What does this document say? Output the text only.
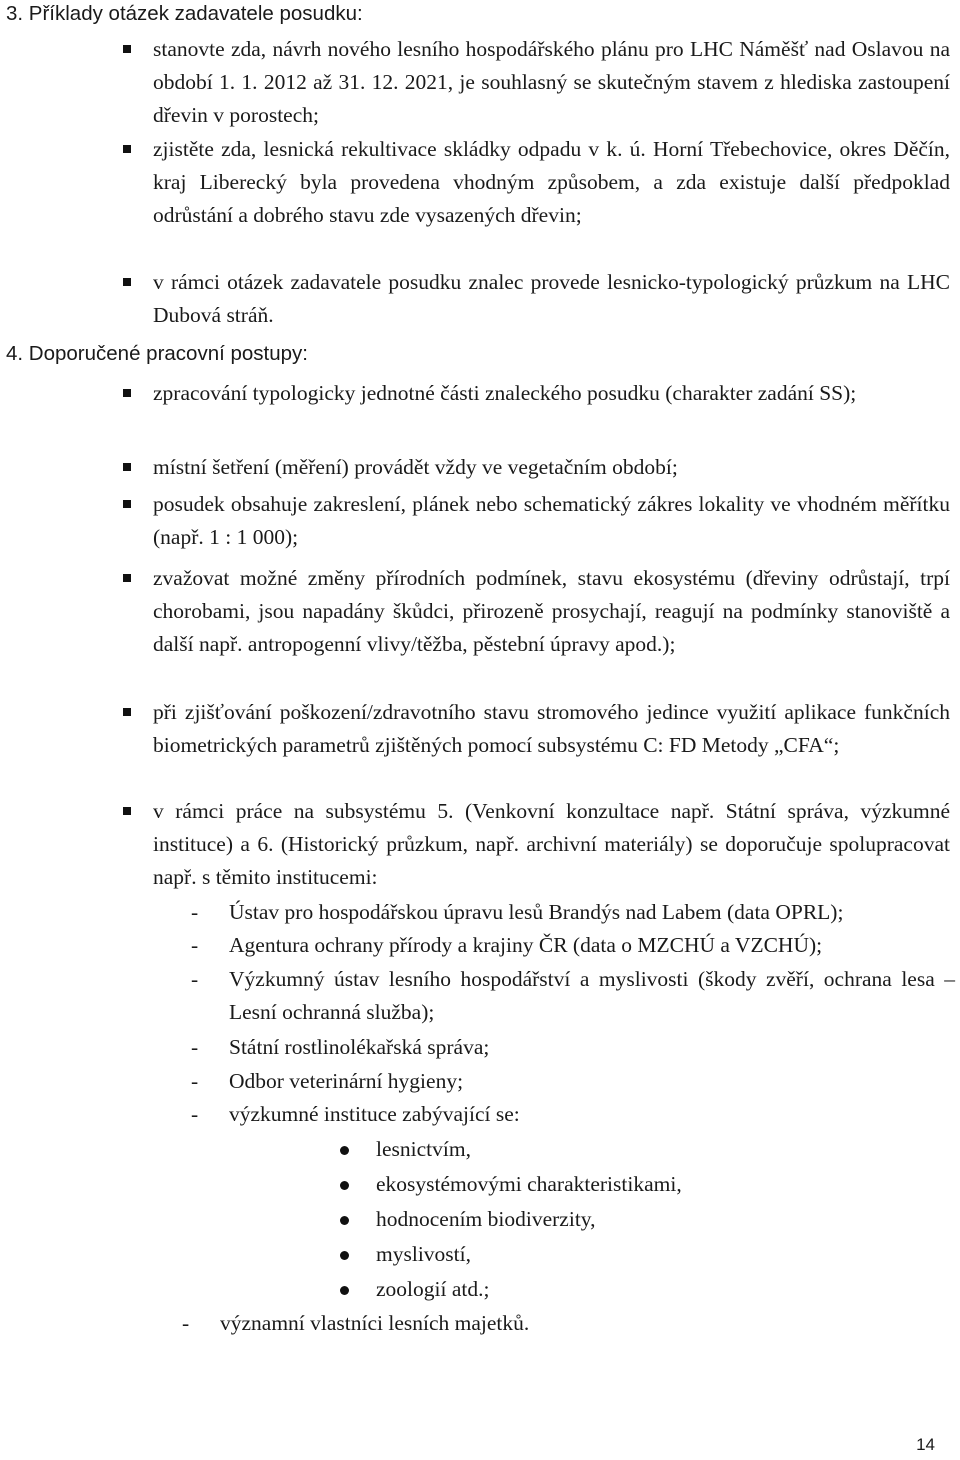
3. Příklady otázek zadavatele posudku:
stanovte zda, návrh nového lesního hospodářského plánu pro LHC Náměšť nad Oslavou na období 1. 1. 2012 až 31. 12. 2021, je souhlasný se skutečným stavem z hlediska zastoupení dřevin v porostech;
zjistěte zda, lesnická rekultivace skládky odpadu v k. ú. Horní Třebechovice, okres Děčín, kraj Liberecký byla provedena vhodným způsobem, a zda existuje další předpoklad odrůstání a dobrého stavu zde vysazených dřevin;
v rámci otázek zadavatele posudku znalec provede lesnicko-typologický průzkum na LHC Dubová stráň.
4. Doporučené pracovní postupy:
zpracování typologicky jednotné části znaleckého posudku (charakter zadání SS);
místní šetření (měření) provádět vždy ve vegetačním období;
posudek obsahuje zakreslení, plánek nebo schematický zákres lokality ve vhodném měřítku (např. 1 : 1 000);
zvažovat možné změny přírodních podmínek, stavu ekosystému (dřeviny odrůstají, trpí chorobami, jsou napadány škůdci, přirozeně prosychají, reagují na podmínky stanoviště a další např. antropogenní vlivy/těžba, pěstební úpravy apod.);
při zjišťování poškození/zdravotního stavu stromového jedince využití aplikace funkčních biometrických parametrů zjištěných pomocí subsystému C: FD Metody „CFA“;
v rámci práce na subsystému 5. (Venkovní konzultace např. Státní správa, výzkumné instituce) a 6. (Historický průzkum, např. archivní materiály) se doporučuje spolupracovat např. s těmito institucemi:
- Ústav pro hospodářskou úpravu lesů Brandýs nad Labem (data OPRL);
- Agentura ochrany přírody a krajiny ČR (data o MZCHÚ a VZCHÚ);
- Výzkumný ústav lesního hospodářství a myslivosti (škody zvěří, ochrana lesa – Lesní ochranná služba);
- Státní rostlinolékařská správa;
- Odbor veterinární hygieny;
- výzkumné instituce zabývající se:
lesnictvím,
ekosystémovými charakteristikami,
hodnocením biodiverzity,
myslivostí,
zoologií atd.;
- významní vlastníci lesních majetků.
14
